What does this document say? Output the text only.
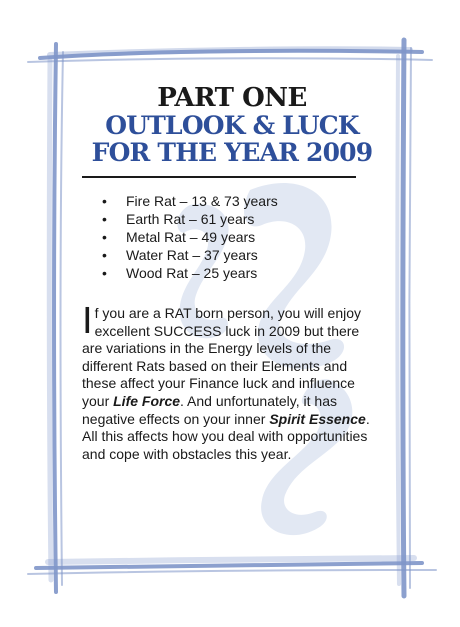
PART ONE
OUTLOOK & LUCK
FOR THE YEAR 2009
• Fire Rat – 13 & 73 years
• Earth Rat – 61 years
• Metal Rat – 49 years
• Water Rat – 37 years
• Wood Rat – 25 years

If you are a RAT born person, you will enjoy excellent SUCCESS luck in 2009 but there are variations in the Energy levels of the different Rats based on their Elements and these affect your Finance luck and influence your Life Force. And unfortunately, it has negative effects on your inner Spirit Essence. All this affects how you deal with opportunities and cope with obstacles this year.
